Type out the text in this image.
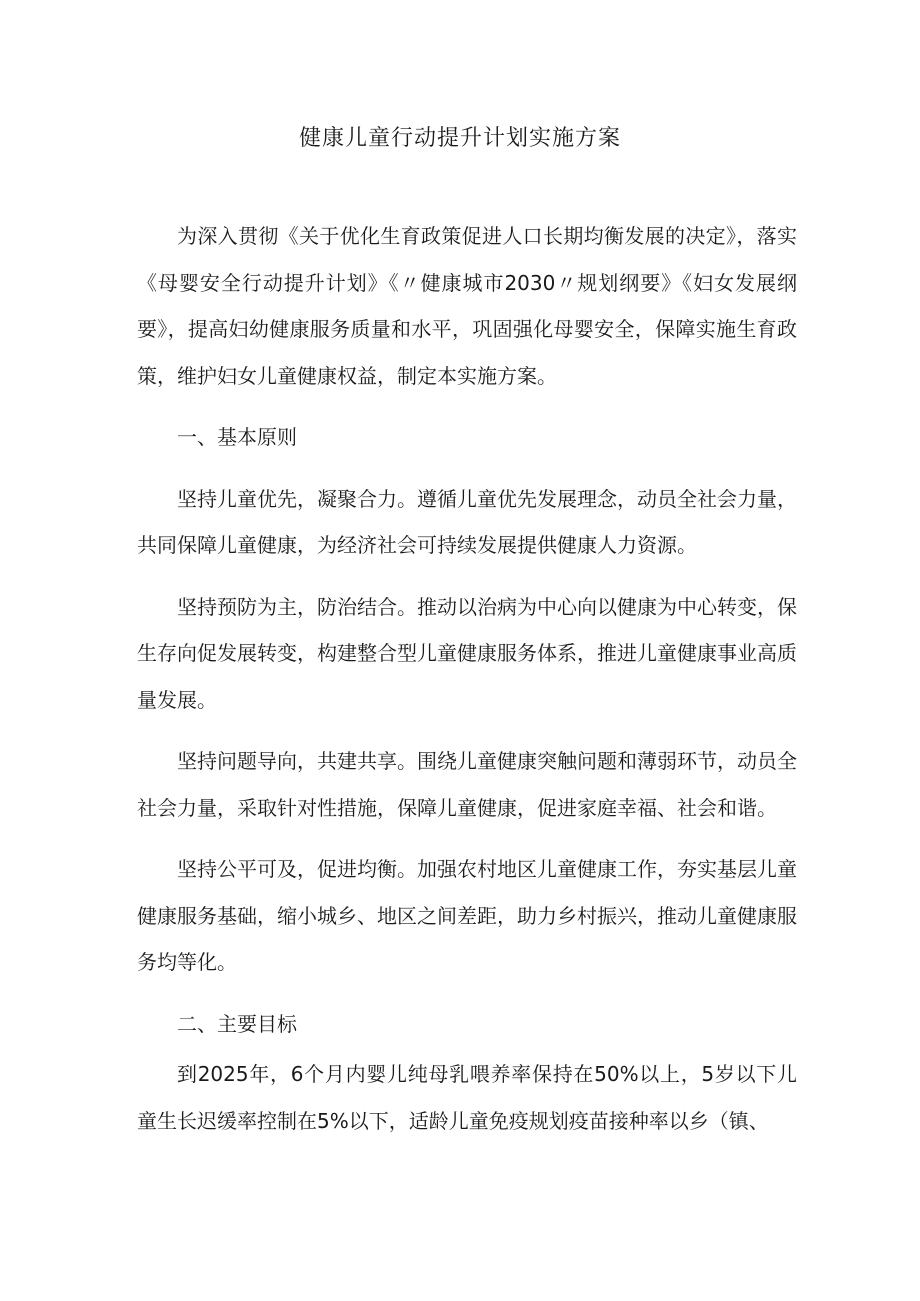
健康儿童行动提升计划实施方案

为深入贯彻《关于优化生育政策促进人口长期均衡发展的决定》，落实《母婴安全行动提升计划》《〃健康城市2030〃规划纲要》《妇女发展纲要》，提高妇幼健康服务质量和水平，巩固强化母婴安全，保障实施生育政策，维护妇女儿童健康权益，制定本实施方案。

一、基本原则

坚持儿童优先，凝聚合力。遵循儿童优先发展理念，动员全社会力量，共同保障儿童健康，为经济社会可持续发展提供健康人力资源。

坚持预防为主，防治结合。推动以治病为中心向以健康为中心转变，保生存向促发展转变，构建整合型儿童健康服务体系，推进儿童健康事业高质量发展。

坚持问题导向，共建共享。围绕儿童健康突触问题和薄弱环节，动员全社会力量，采取针对性措施，保障儿童健康，促进家庭幸福、社会和谐。

坚持公平可及，促进均衡。加强农村地区儿童健康工作，夯实基层儿童健康服务基础，缩小城乡、地区之间差距，助力乡村振兴，推动儿童健康服务均等化。

二、主要目标

到2025年，6个月内婴儿纯母乳喂养率保持在50%以上，5岁以下儿童生长迟缓率控制在5%以下，适龄儿童免疫规划疫苗接种率以乡（镇、
